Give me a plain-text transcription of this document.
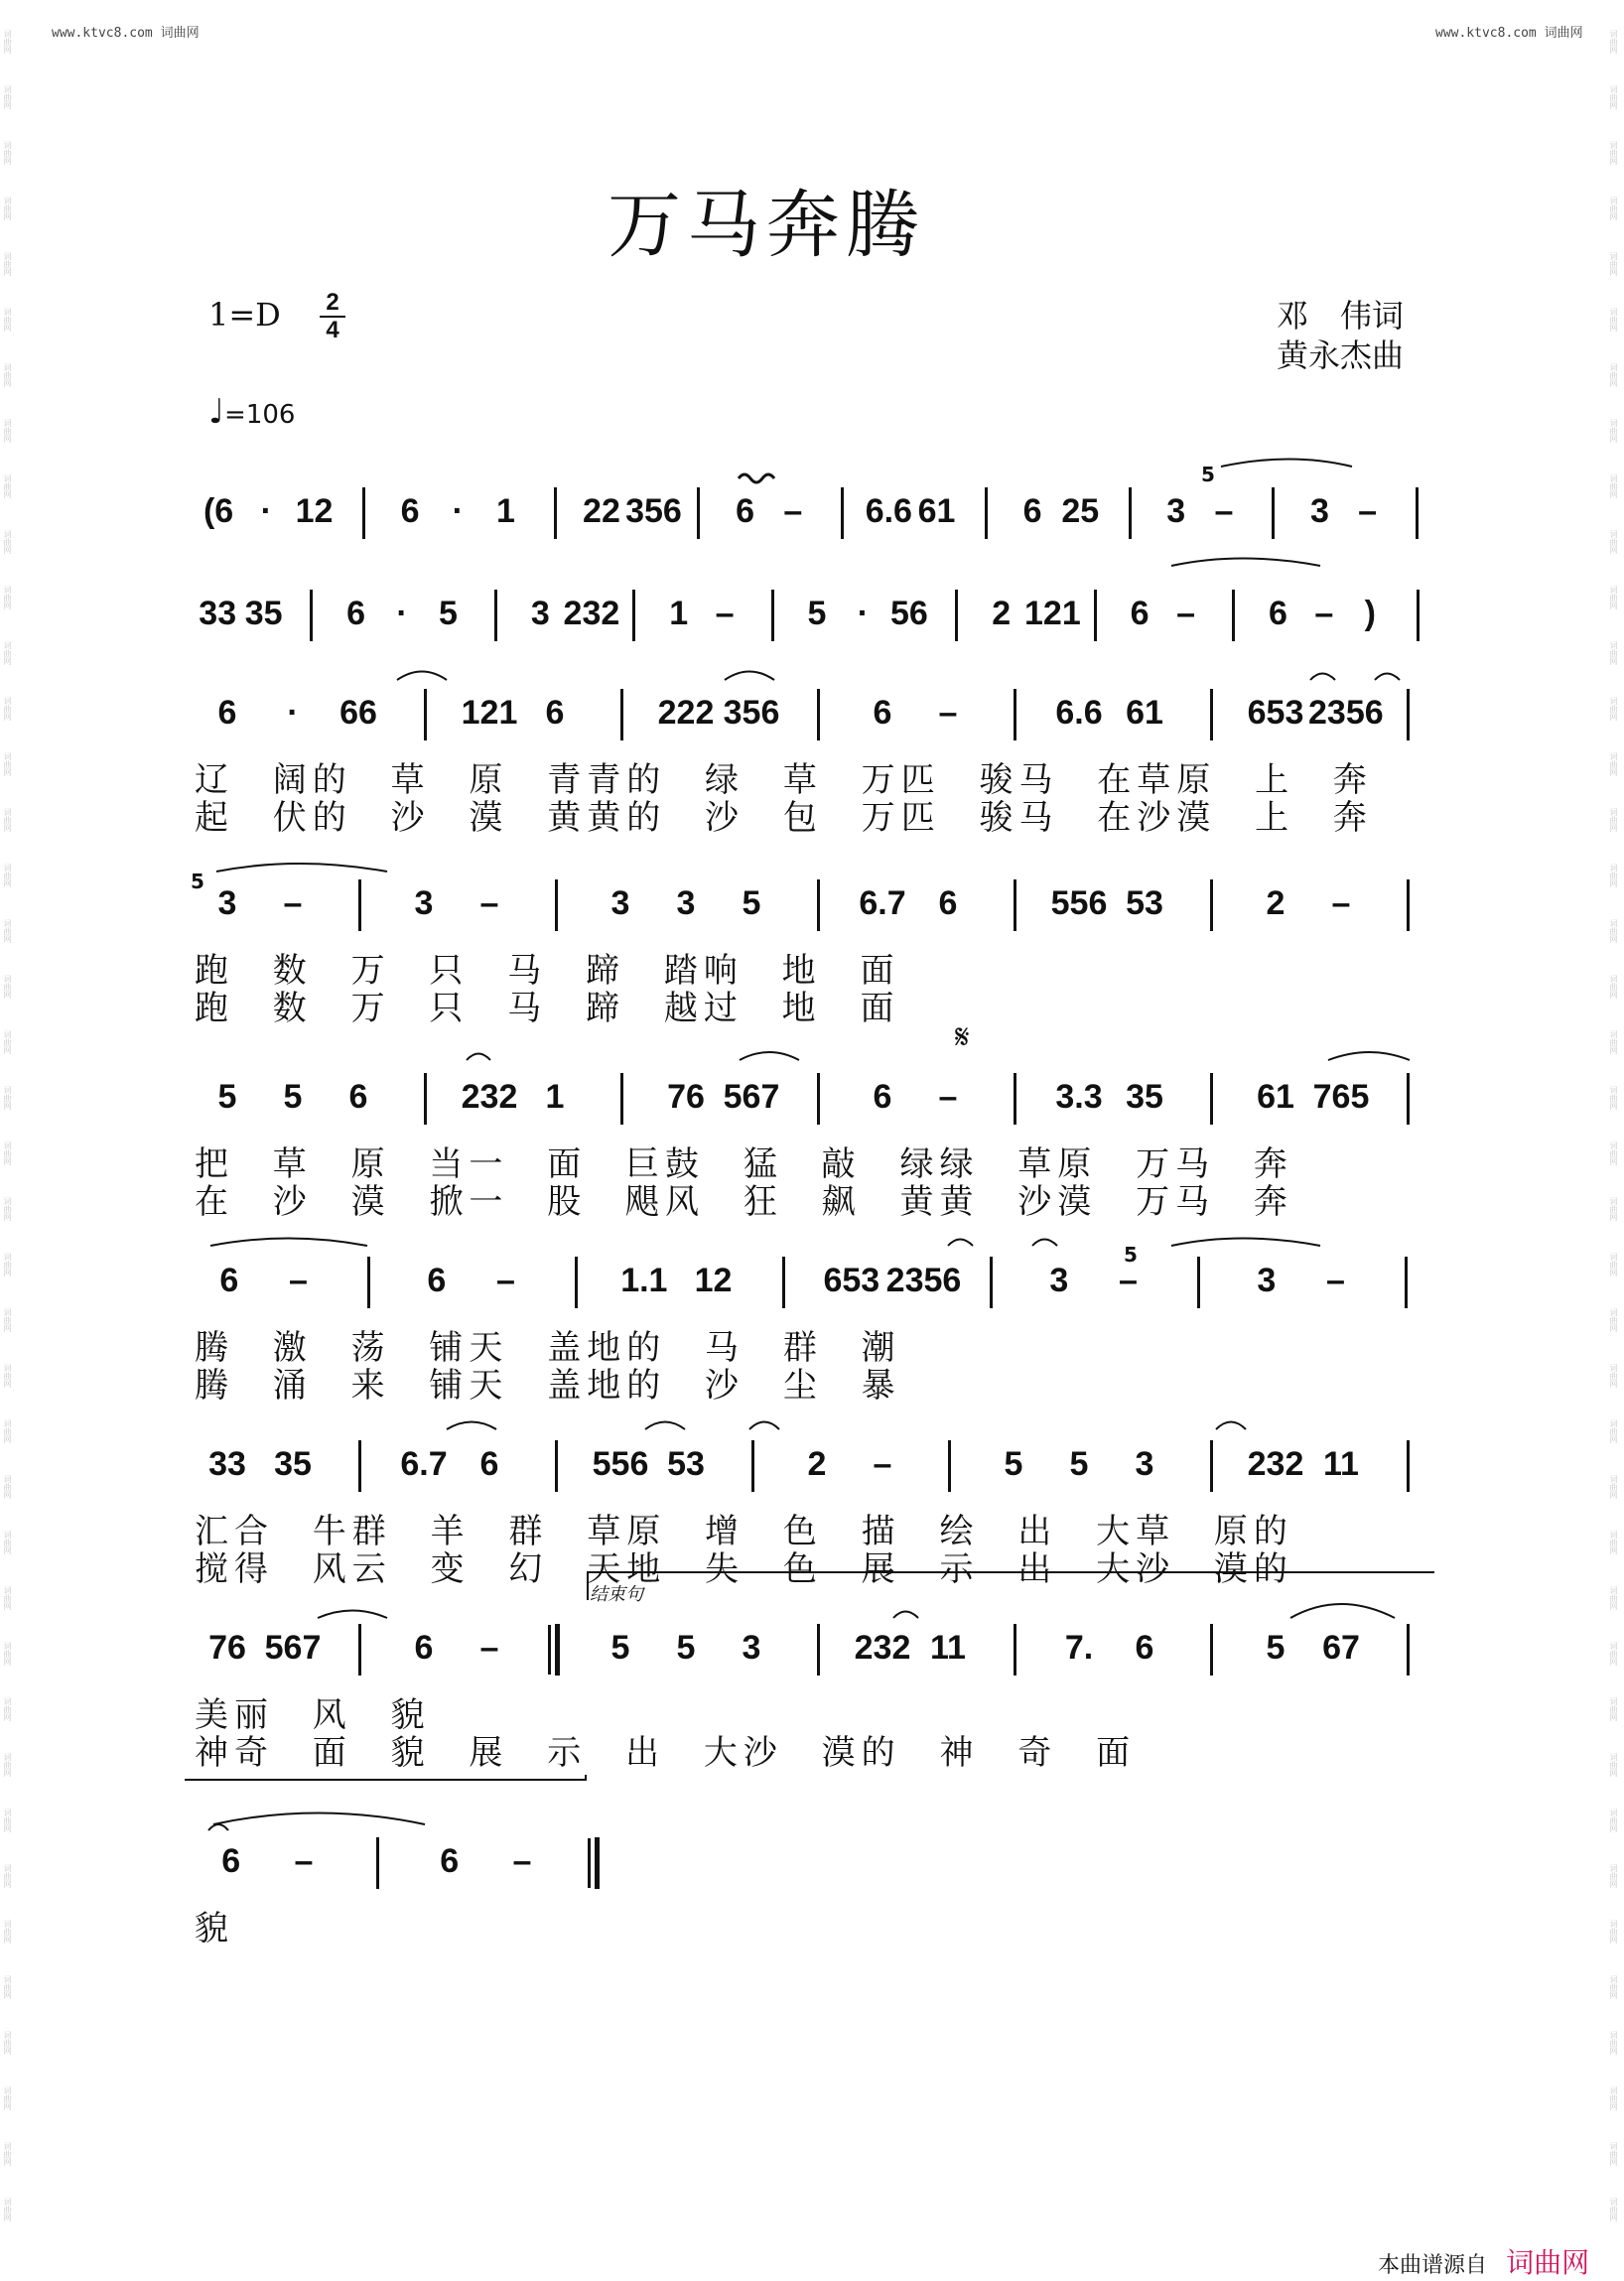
www.ktvc8.com 词曲网	www.ktvc8.com 词曲网
词曲网
词曲网
词曲网
词曲网
词曲网
词曲网
词曲网
词曲网
词曲网
词曲网
词曲网
词曲网
词曲网
词曲网
词曲网
词曲网
词曲网
词曲网
词曲网
词曲网
词曲网
词曲网
词曲网
词曲网
词曲网
词曲网
词曲网
词曲网
词曲网
词曲网
词曲网
词曲网
词曲网
词曲网
词曲网
词曲网
词曲网
词曲网
词曲网
词曲网
词曲网
词曲网
词曲网
词曲网
词曲网
词曲网
词曲网
词曲网
词曲网
词曲网
词曲网
词曲网
词曲网
词曲网
词曲网
词曲网
词曲网
词曲网
词曲网
词曲网
词曲网
词曲网
词曲网
词曲网
词曲网
词曲网
词曲网
词曲网
词曲网
词曲网
词曲网
词曲网
词曲网
词曲网
词曲网
词曲网
词曲网
词曲网
词曲网
词曲网
万马奔腾
1=D 2
4
♩=106
邓　伟词
黄永杰曲
(6 · 12	6 · 1	22 356	6 –	6.6 61	6 25	3 –	3 –
33 35	6 · 5	3 232	1 –	5 · 56	2 121	6 –	6 – )
6	·	66	121 6	222 356	6	–	6.6 61	653 2356
辽 阔的 草 原 青青的 绿 草 万匹 骏马 在草原 上 奔
起 伏的 沙 漠 黄黄的 沙 包 万匹 骏马 在沙漠 上 奔
3	–	3	–	3	3	5	6.7 6	556 53	2	–
跑 数 万 只 马 蹄 踏响 地 面
跑 数 万 只 马 蹄 越过 地 面
5	5	6	232 1	76 567	6	–	3.3 35	61 765
把 草 原 当一 面 巨鼓 猛 敲 绿绿 草原 万马 奔
在 沙 漠 掀一 股 飓风 狂 飙 黄黄 沙漠 万马 奔
6	–	6	–	1.1 12	653 2356	3	–	3	–
腾 激 荡 铺天 盖地的 马 群 潮
腾 涌 来 铺天 盖地的 沙 尘 暴
33 35	6.7 6	556 53	2	–	5	5	3	232 11
汇合 牛群 羊 群 草原 增 色 描 绘 出 大草 原的
搅得 风云 变 幻 天地 失 色 展 示 出 大沙 漠的
76 567	6	–	5	5	3	232 11	7.	6	5	67
美丽 风 貌
神奇 面 貌 展 示 出 大沙 漠的 神 奇 面
6	–	6	–
貌
𝄋
结束句
5
5
5
本曲谱源自 词曲网
